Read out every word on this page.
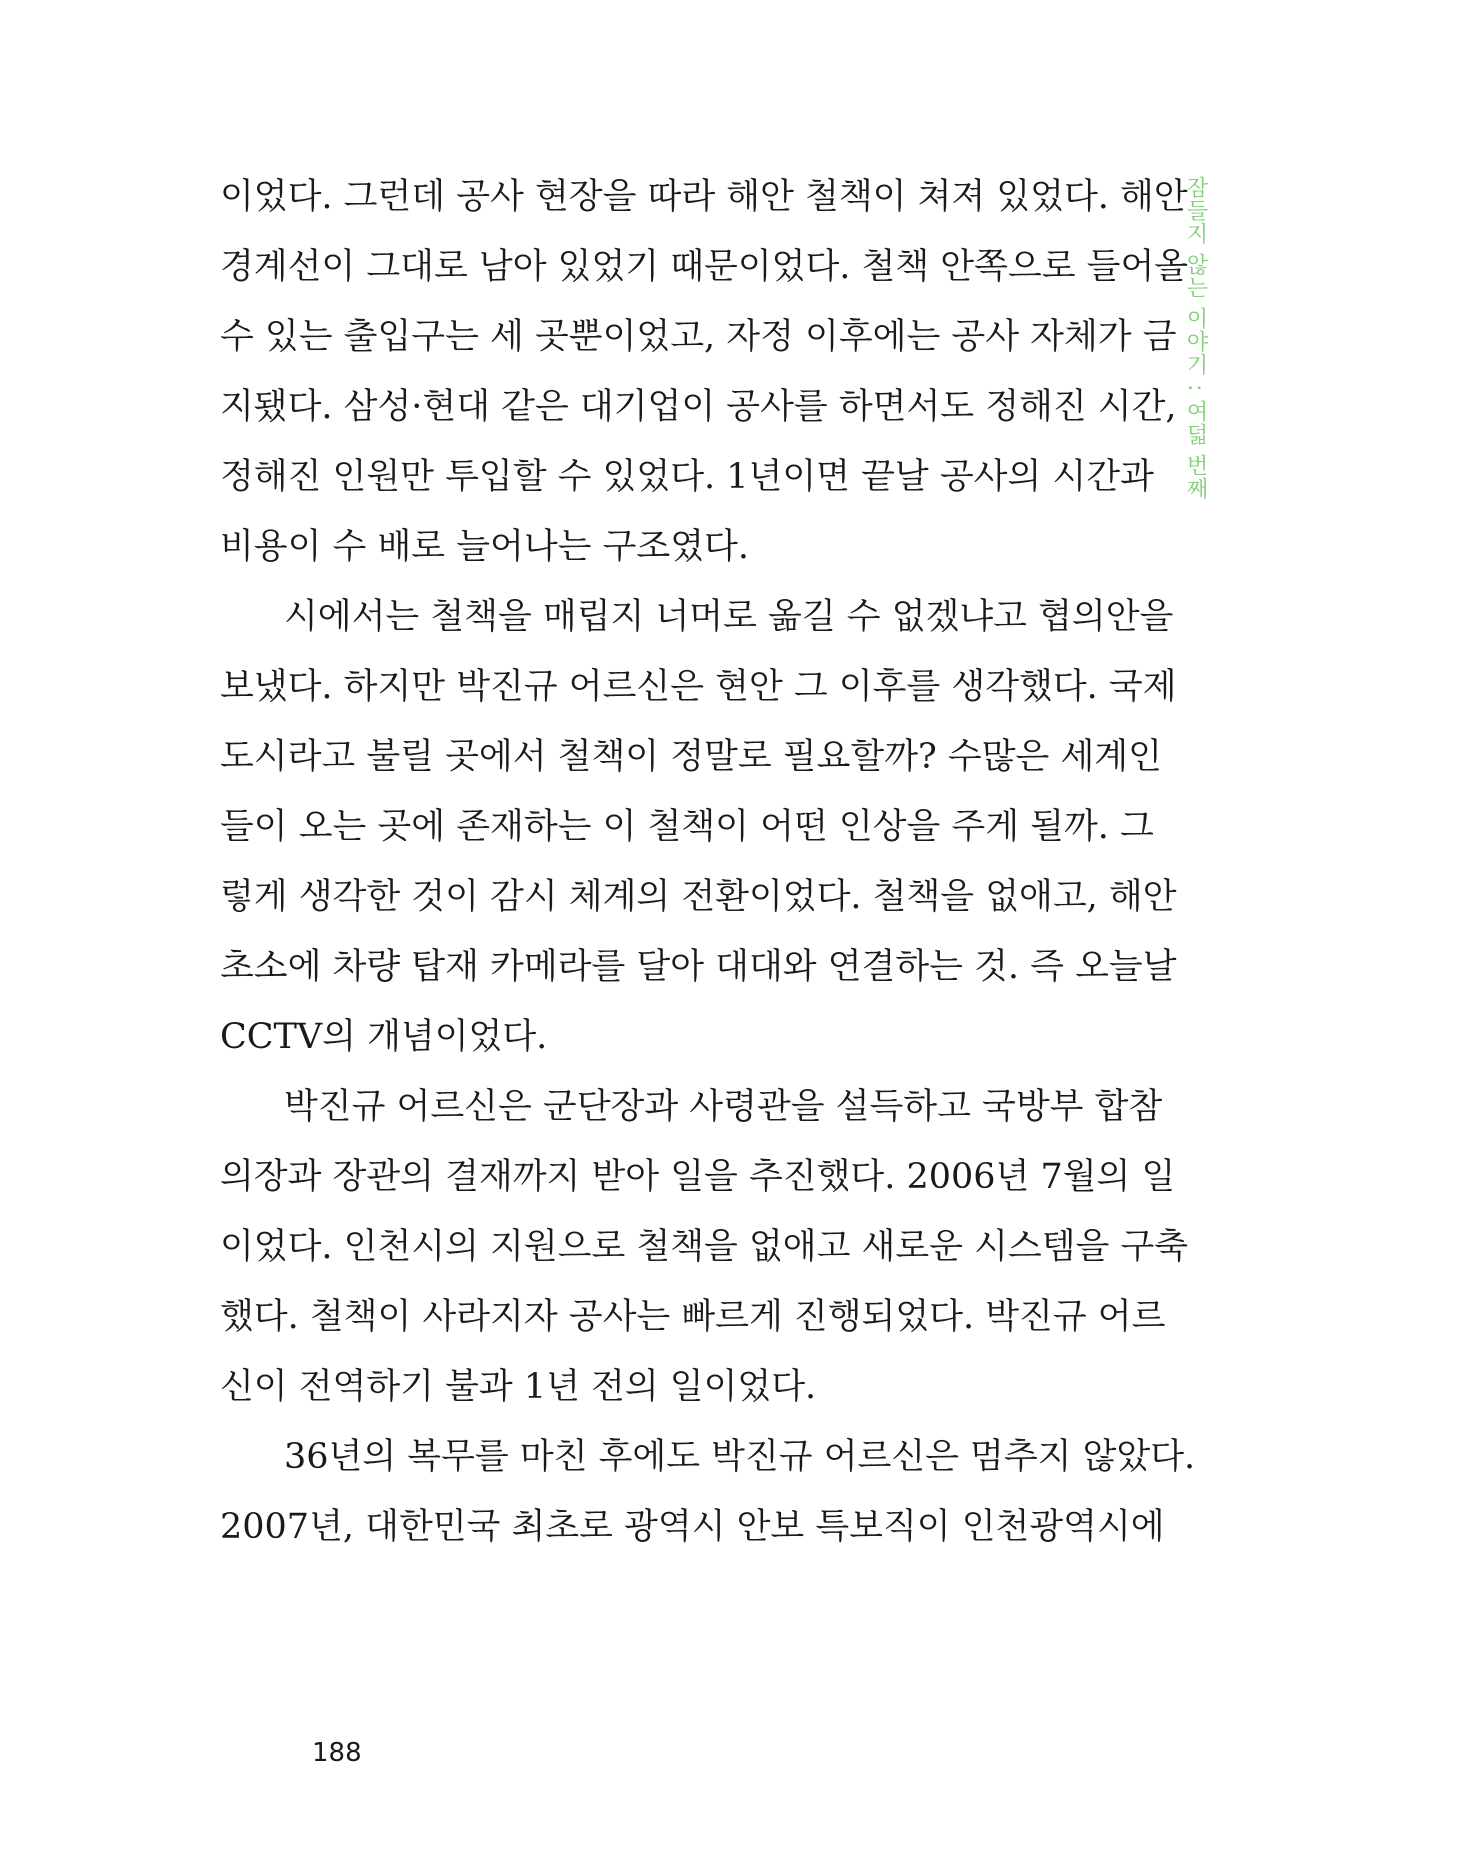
이었다. 그런데 공사 현장을 따라 해안 철책이 쳐져 있었다. 해안
경계선이 그대로 남아 있었기 때문이었다. 철책 안쪽으로 들어올
수 있는 출입구는 세 곳뿐이었고, 자정 이후에는 공사 자체가 금
지됐다. 삼성·현대 같은 대기업이 공사를 하면서도 정해진 시간,
정해진 인원만 투입할 수 있었다. 1년이면 끝날 공사의 시간과
비용이 수 배로 늘어나는 구조였다.
시에서는 철책을 매립지 너머로 옮길 수 없겠냐고 협의안을
보냈다. 하지만 박진규 어르신은 현안 그 이후를 생각했다. 국제
도시라고 불릴 곳에서 철책이 정말로 필요할까? 수많은 세계인
들이 오는 곳에 존재하는 이 철책이 어떤 인상을 주게 될까. 그
렇게 생각한 것이 감시 체계의 전환이었다. 철책을 없애고, 해안
초소에 차량 탑재 카메라를 달아 대대와 연결하는 것. 즉 오늘날
CCTV의 개념이었다.
박진규 어르신은 군단장과 사령관을 설득하고 국방부 합참
의장과 장관의 결재까지 받아 일을 추진했다. 2006년 7월의 일
이었다. 인천시의 지원으로 철책을 없애고 새로운 시스템을 구축
했다. 철책이 사라지자 공사는 빠르게 진행되었다. 박진규 어르
신이 전역하기 불과 1년 전의 일이었다.
36년의 복무를 마친 후에도 박진규 어르신은 멈추지 않았다.
2007년, 대한민국 최초로 광역시 안보 특보직이 인천광역시에
잠들지 않는 이야기 : 여덟 번째
188
